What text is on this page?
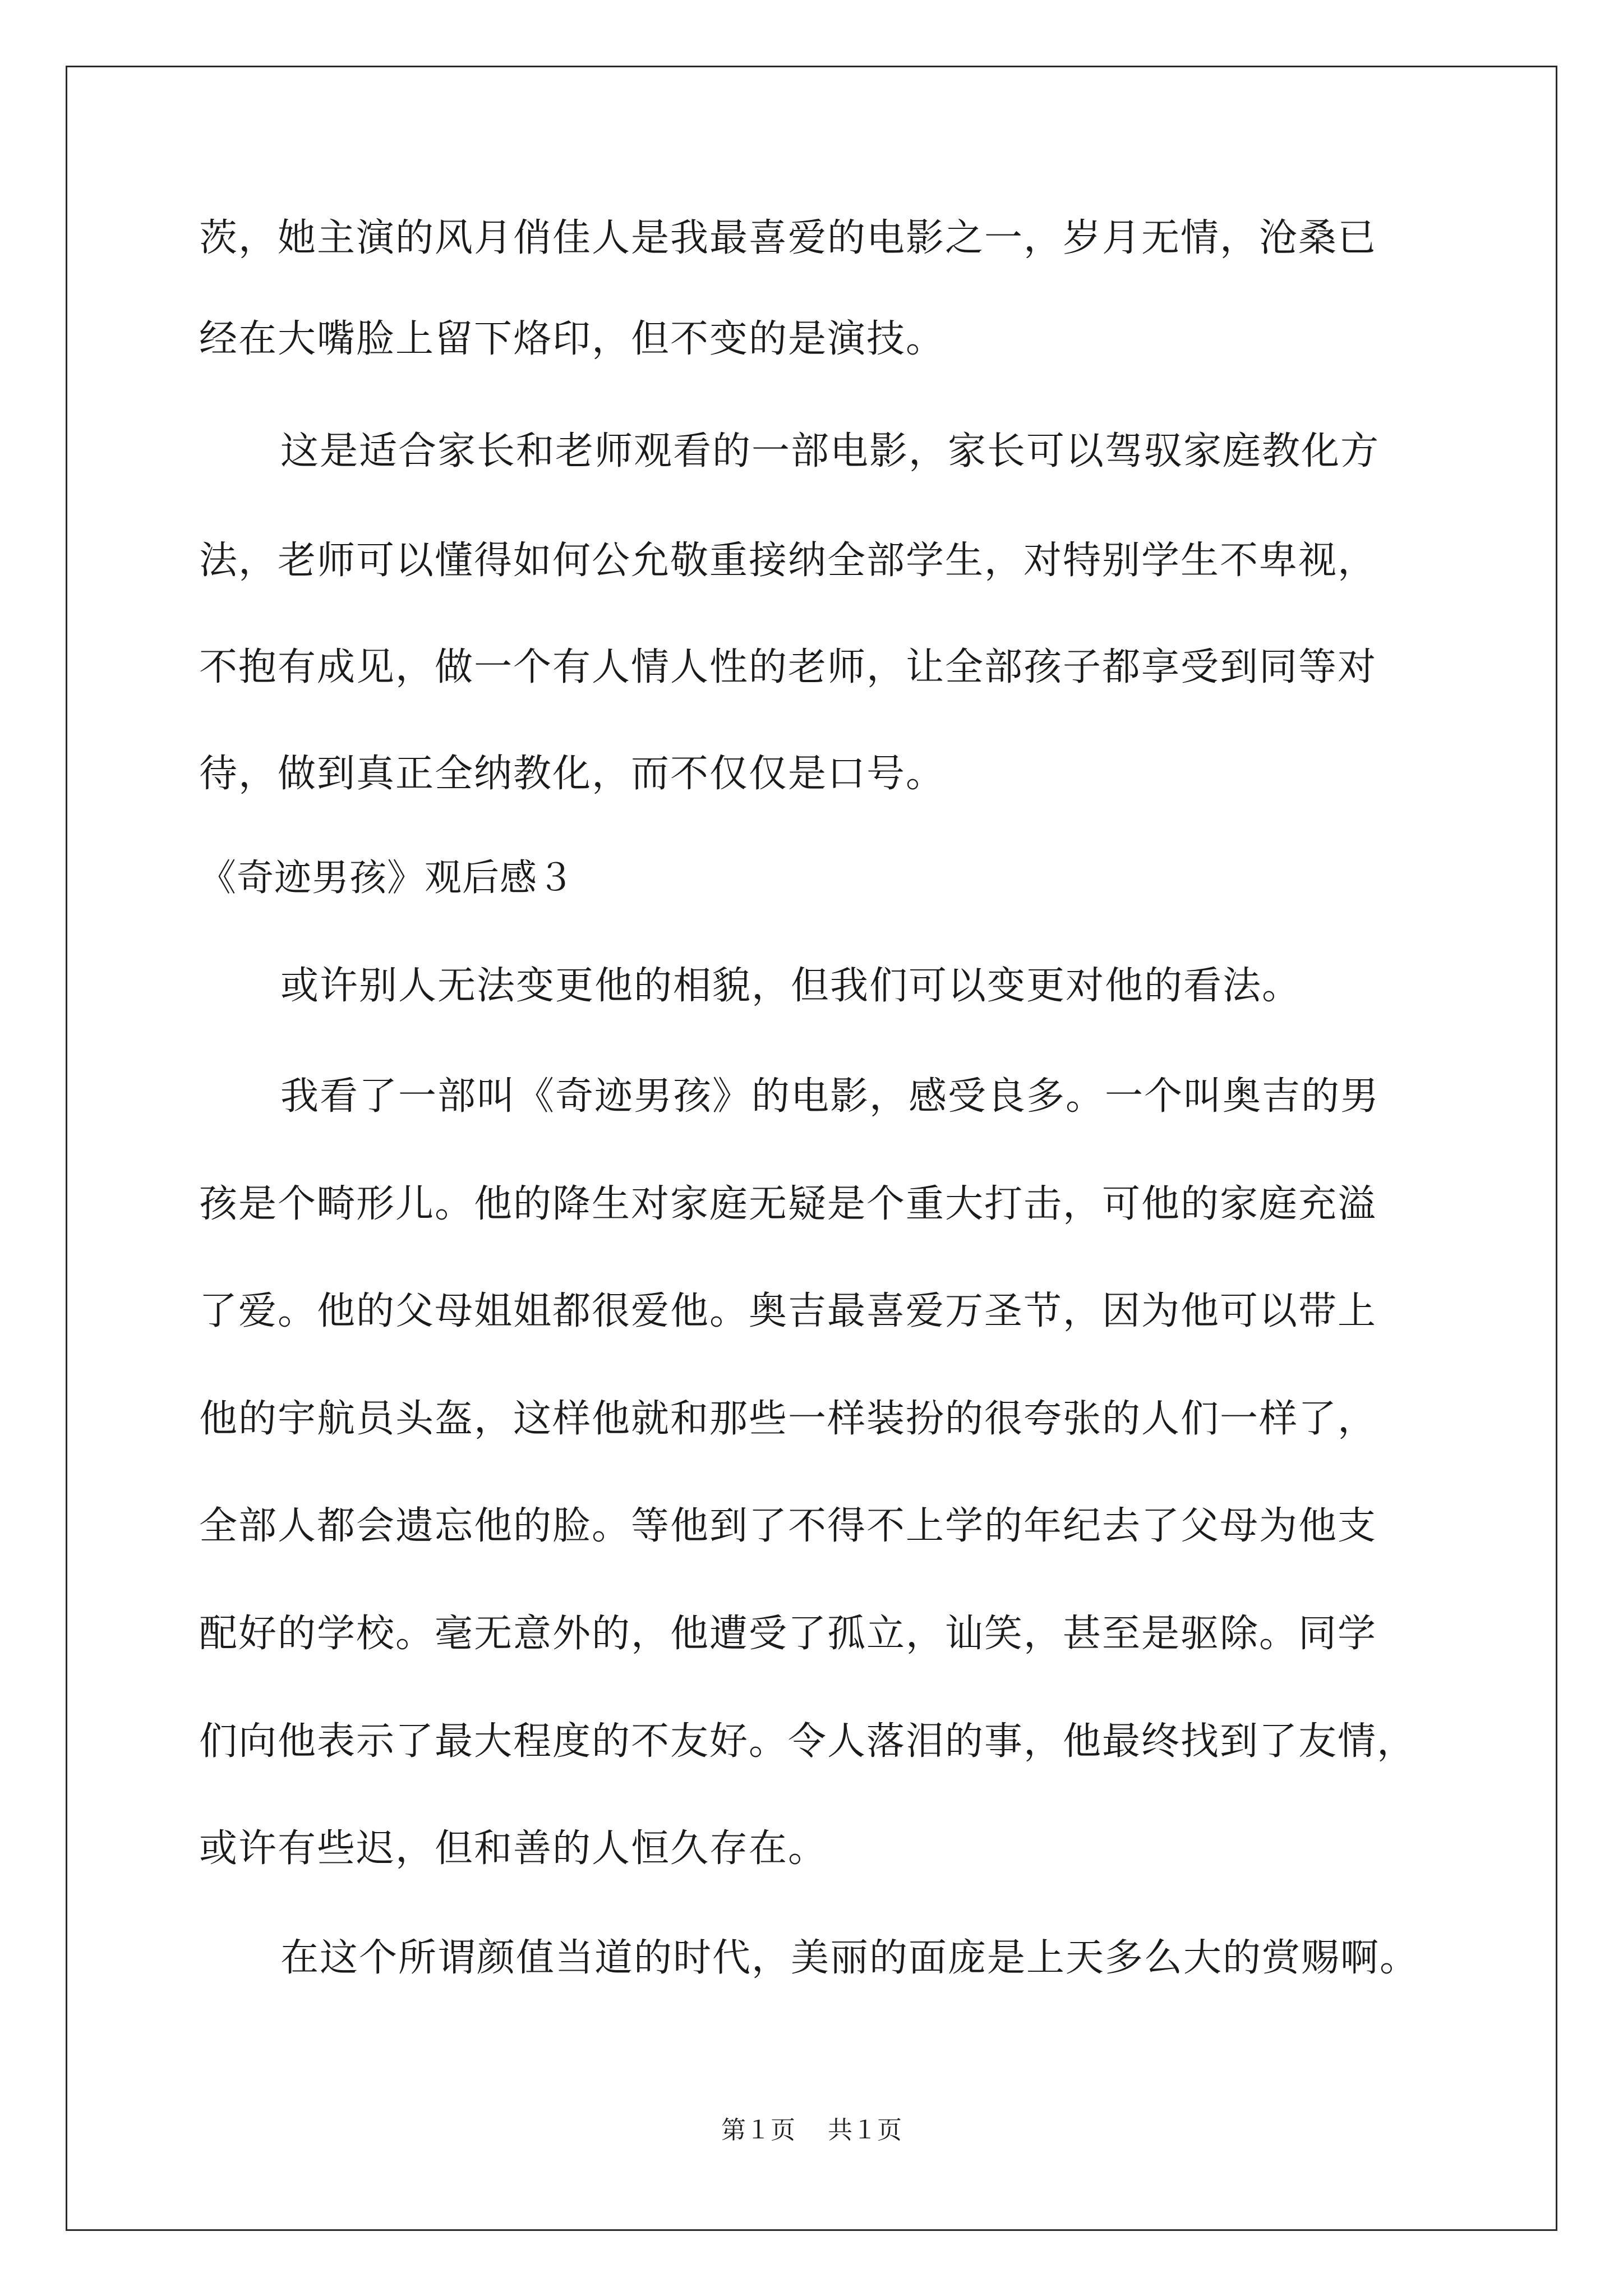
茨，她主演的风月俏佳人是我最喜爱的电影之一，岁月无情，沧桑已
经在大嘴脸上留下烙印，但不变的是演技。
这是适合家长和老师观看的一部电影，家长可以驾驭家庭教化方
法，老师可以懂得如何公允敬重接纳全部学生，对特别学生不卑视，
不抱有成见，做一个有人情人性的老师，让全部孩子都享受到同等对
待，做到真正全纳教化，而不仅仅是口号。
《奇迹男孩》观后感３
或许别人无法变更他的相貌，但我们可以变更对他的看法。
我看了一部叫《奇迹男孩》的电影，感受良多。一个叫奥吉的男
孩是个畸形儿。他的降生对家庭无疑是个重大打击，可他的家庭充溢
了爱。他的父母姐姐都很爱他。奥吉最喜爱万圣节，因为他可以带上
他的宇航员头盔，这样他就和那些一样装扮的很夸张的人们一样了，
全部人都会遗忘他的脸。等他到了不得不上学的年纪去了父母为他支
配好的学校。毫无意外的，他遭受了孤立，讪笑，甚至是驱除。同学
们向他表示了最大程度的不友好。令人落泪的事，他最终找到了友情，
或许有些迟，但和善的人恒久存在。
在这个所谓颜值当道的时代，美丽的面庞是上天多么大的赏赐啊。
第１页 共１页
